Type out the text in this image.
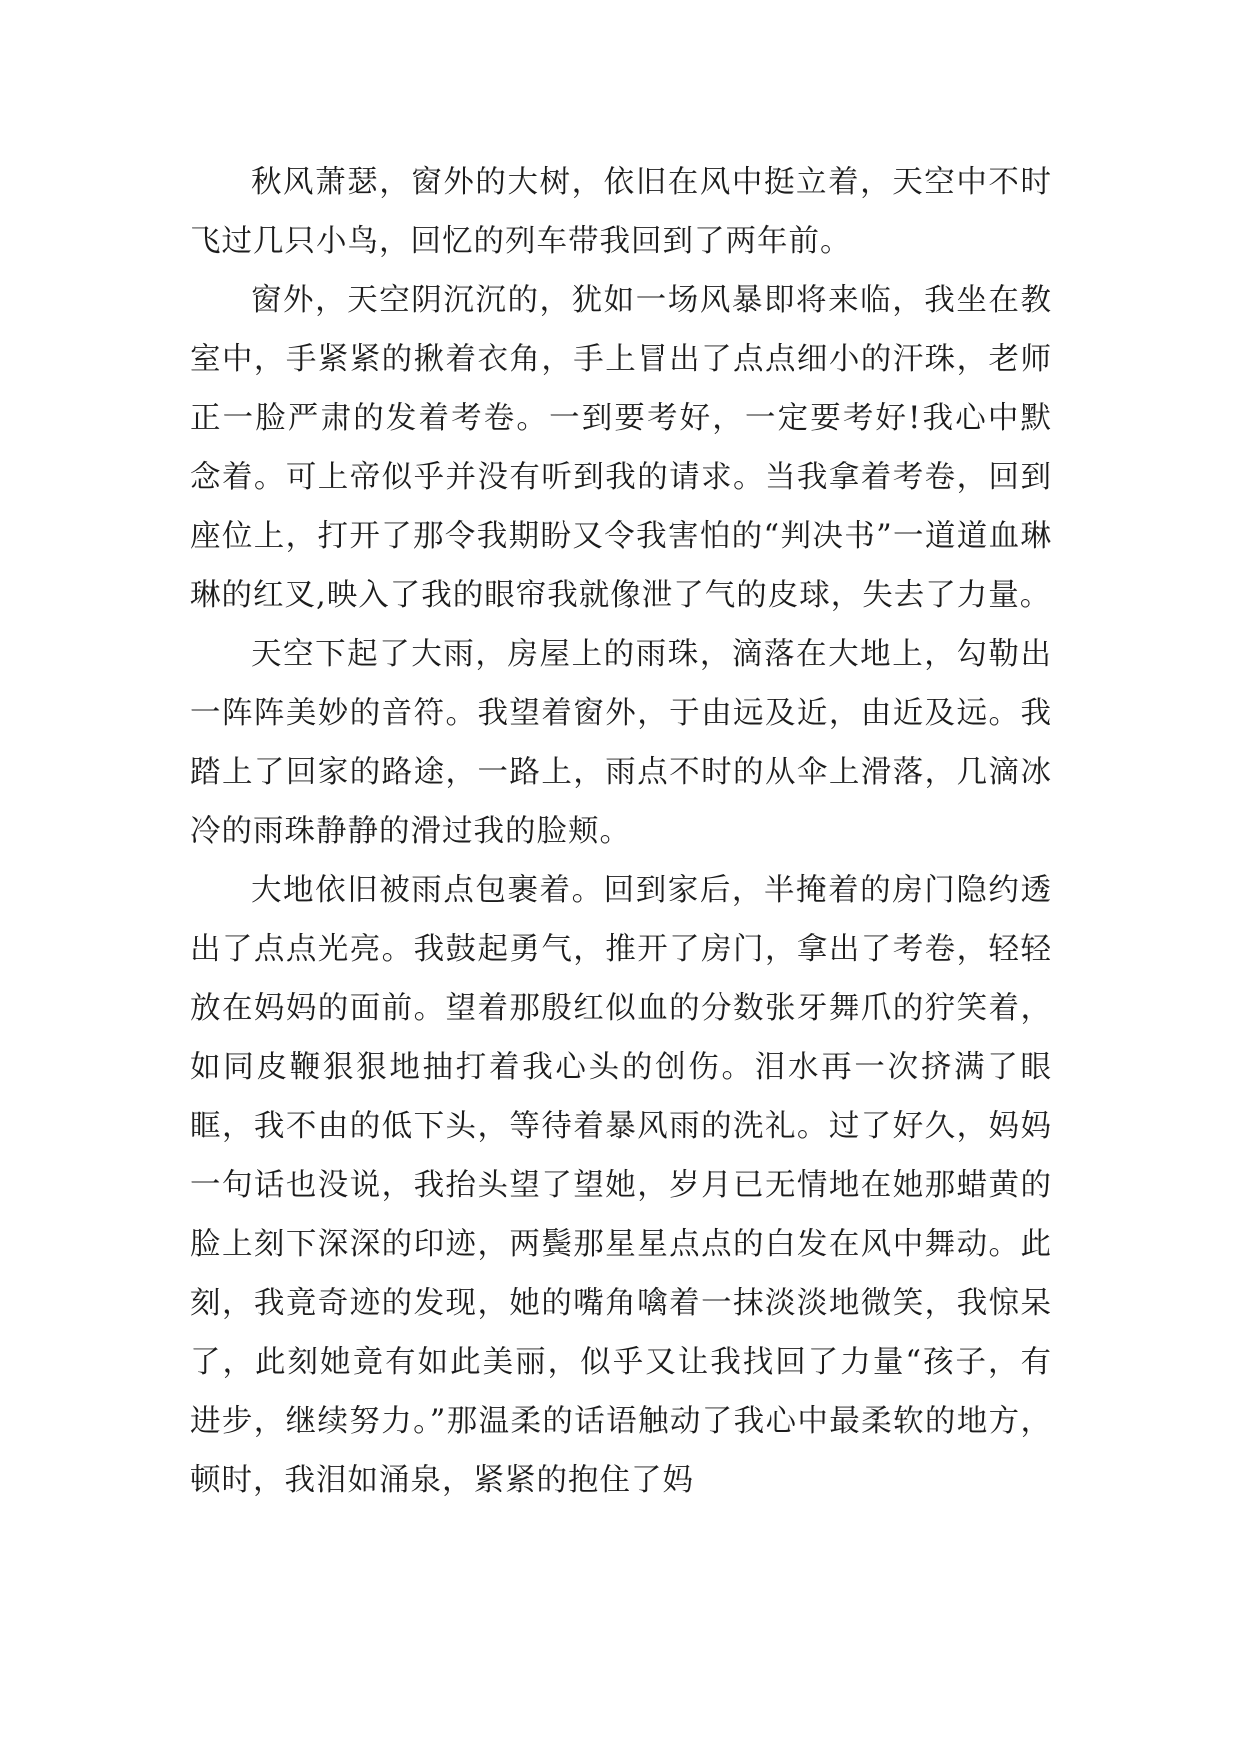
秋风萧瑟，窗外的大树，依旧在风中挺立着，天空中不时飞过几只小鸟，回忆的列车带我回到了两年前。

窗外，天空阴沉沉的，犹如一场风暴即将来临，我坐在教室中，手紧紧的揪着衣角，手上冒出了点点细小的汗珠，老师正一脸严肃的发着考卷。一到要考好，一定要考好!我心中默念着。可上帝似乎并没有听到我的请求。当我拿着考卷，回到座位上，打开了那令我期盼又令我害怕的“判决书”一道道血琳琳的红叉,映入了我的眼帘我就像泄了气的皮球，失去了力量。

天空下起了大雨，房屋上的雨珠，滴落在大地上，勾勒出一阵阵美妙的音符。我望着窗外，于由远及近，由近及远。我踏上了回家的路途，一路上，雨点不时的从伞上滑落，几滴冰冷的雨珠静静的滑过我的脸颊。

大地依旧被雨点包裹着。回到家后，半掩着的房门隐约透出了点点光亮。我鼓起勇气，推开了房门，拿出了考卷，轻轻放在妈妈的面前。望着那殷红似血的分数张牙舞爪的狞笑着，如同皮鞭狠狠地抽打着我心头的创伤。泪水再一次挤满了眼眶，我不由的低下头，等待着暴风雨的洗礼。过了好久，妈妈一句话也没说，我抬头望了望她，岁月已无情地在她那蜡黄的脸上刻下深深的印迹，两鬓那星星点点的白发在风中舞动。此刻，我竟奇迹的发现，她的嘴角噙着一抹淡淡地微笑，我惊呆了，此刻她竟有如此美丽，似乎又让我找回了力量“孩子，有进步，继续努力。”那温柔的话语触动了我心中最柔软的地方，顿时，我泪如涌泉，紧紧的抱住了妈
